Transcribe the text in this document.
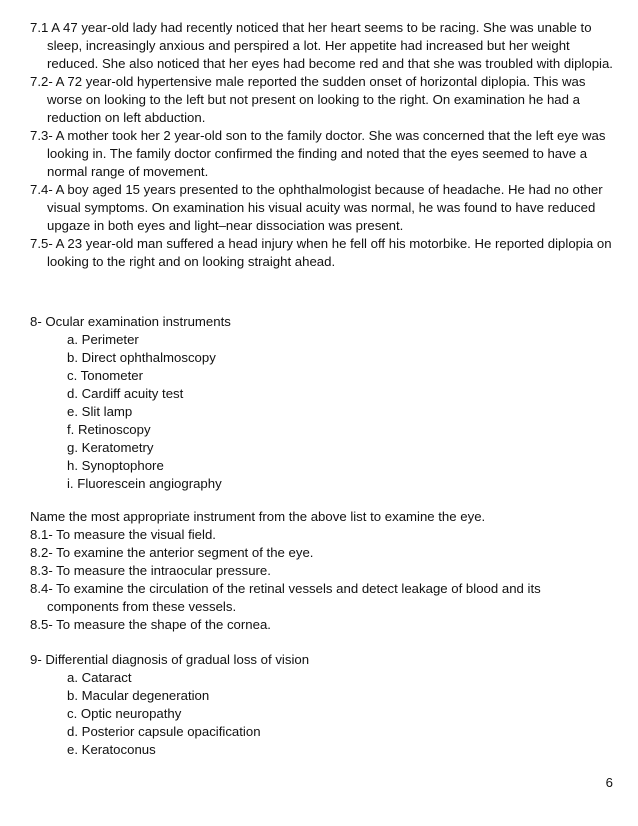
7.1 A 47 year-old lady had recently noticed that her heart seems to be racing. She was unable to sleep, increasingly anxious and perspired a lot. Her appetite had increased but her weight reduced. She also noticed that her eyes had become red and that she was troubled with diplopia.

7.2- A 72 year-old hypertensive male reported the sudden onset of horizontal diplopia. This was worse on looking to the left but not present on looking to the right. On examination he had a reduction on left abduction.

7.3- A mother took her 2 year-old son to the family doctor. She was concerned that the left eye was looking in. The family doctor confirmed the finding and noted that the eyes seemed to have a normal range of movement.

7.4- A boy aged 15 years presented to the ophthalmologist because of headache. He had no other visual symptoms. On examination his visual acuity was normal, he was found to have reduced upgaze in both eyes and light–near dissociation was present.

7.5- A 23 year-old man suffered a head injury when he fell off his motorbike. He reported diplopia on looking to the right and on looking straight ahead.

8- Ocular examination instruments

a. Perimeter

b. Direct ophthalmoscopy

c. Tonometer

d. Cardiff acuity test

e. Slit lamp

f. Retinoscopy

g. Keratometry

h. Synoptophore

i. Fluorescein angiography

Name the most appropriate instrument from the above list to examine the eye.

8.1- To measure the visual field.

8.2- To examine the anterior segment of the eye.

8.3- To measure the intraocular pressure.

8.4- To examine the circulation of the retinal vessels and detect leakage of blood and its components from these vessels.

8.5- To measure the shape of the cornea.

9- Differential diagnosis of gradual loss of vision

a. Cataract

b. Macular degeneration

c. Optic neuropathy

d. Posterior capsule opacification

e. Keratoconus

6
